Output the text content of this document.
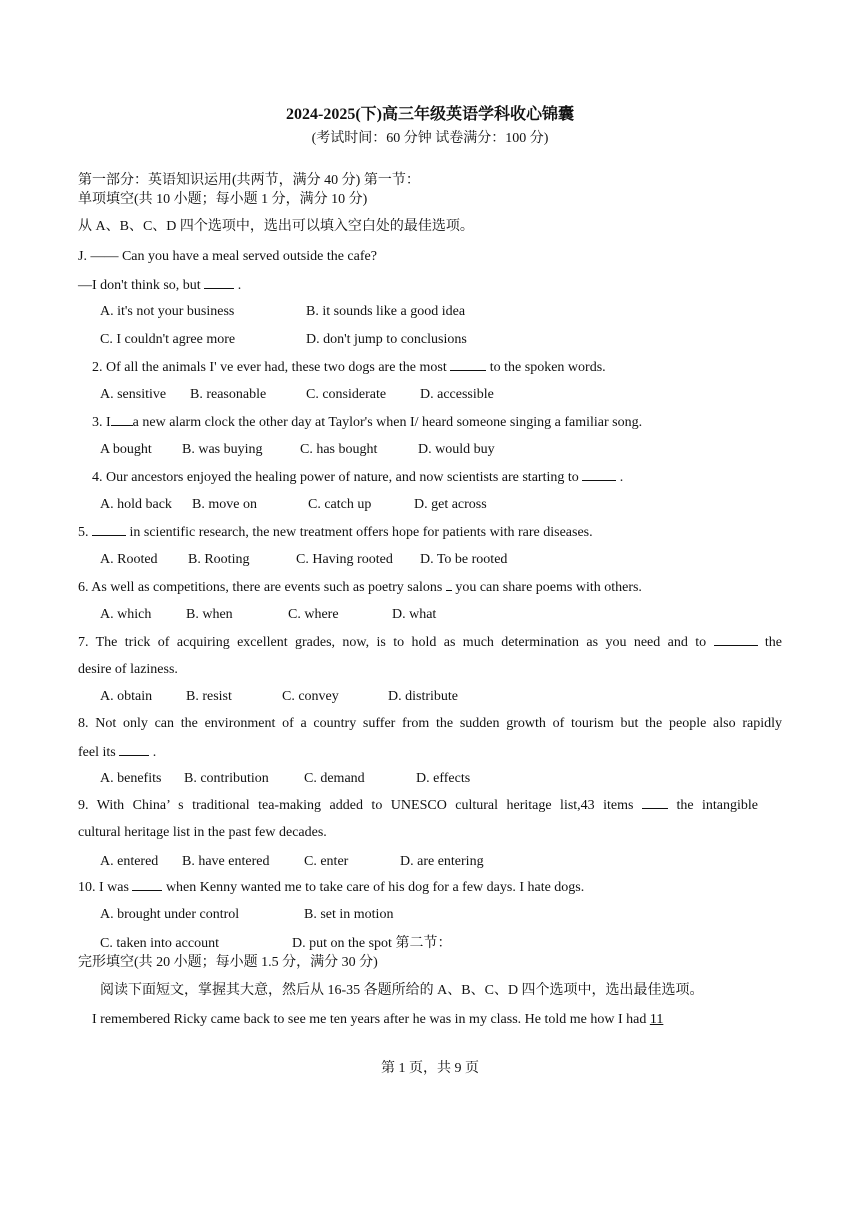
2024-2025(下)高三年级英语学科收心锦囊
(考试时间：60 分钟 试卷满分：100 分)
第一部分：英语知识运用(共两节，满分 40 分) 第一节：
单项填空(共 10 小题；每小题 1 分，满分 10 分)
从 A、B、C、D 四个选项中，选出可以填入空白处的最佳选项。
J. —— Can you have a meal served outside the cafe?
—I don't think so, but	.
A. it's not your business	B. it sounds like a good idea
C. I couldn't agree more	D. don't jump to conclusions
2. Of all the animals I' ve ever had, these two dogs are the most	to the spoken words.
A. sensitive B. reasonable	C. considerate D. accessible
3. I a new alarm clock the other day at Taylor's when I/ heard someone singing a familiar song.
A bought B. was buying	C. has bought	D. would buy
4. Our ancestors enjoyed the healing power of nature, and now scientists are starting to	.
A. hold back B. move on	C. catch up	D. get across
5.	in scientific research, the new treatment offers hope for patients with rare diseases.
A. Rooted B. Rooting	C. Having rooted D. To be rooted
6. As well as competitions, there are events such as poetry salons you can share poems with others.
A. which B. when	C. where	D. what
7. The trick of acquiring excellent grades, now, is to hold as much determination as you need and to	the
desire of laziness.
A. obtain B. resist	C. convey	D. distribute
8. Not only can the environment of a country suffer from the sudden growth of tourism but the people also rapidly
feel its	.
A. benefits B. contribution	C. demand	D. effects
9. With China’ s traditional tea-making added to UNESCO cultural heritage list,43 items	the intangible
cultural heritage list in the past few decades.
A. entered B. have entered C. enter	D. are entering
10. I was	when Kenny wanted me to take care of his dog for a few days. I hate dogs.
A. brought under control	B. set in motion
C. taken into account	D. put on the spot 第二节：
完形填空(共 20 小题；每小题 1.5 分，满分 30 分)
阅读下面短文，掌握其大意，然后从 16-35 各题所给的 A、B、C、D 四个选项中，选出最佳选项。
I remembered Ricky came back to see me ten years after he was in my class. He told me how I had 11
第 1 页，共 9 页
